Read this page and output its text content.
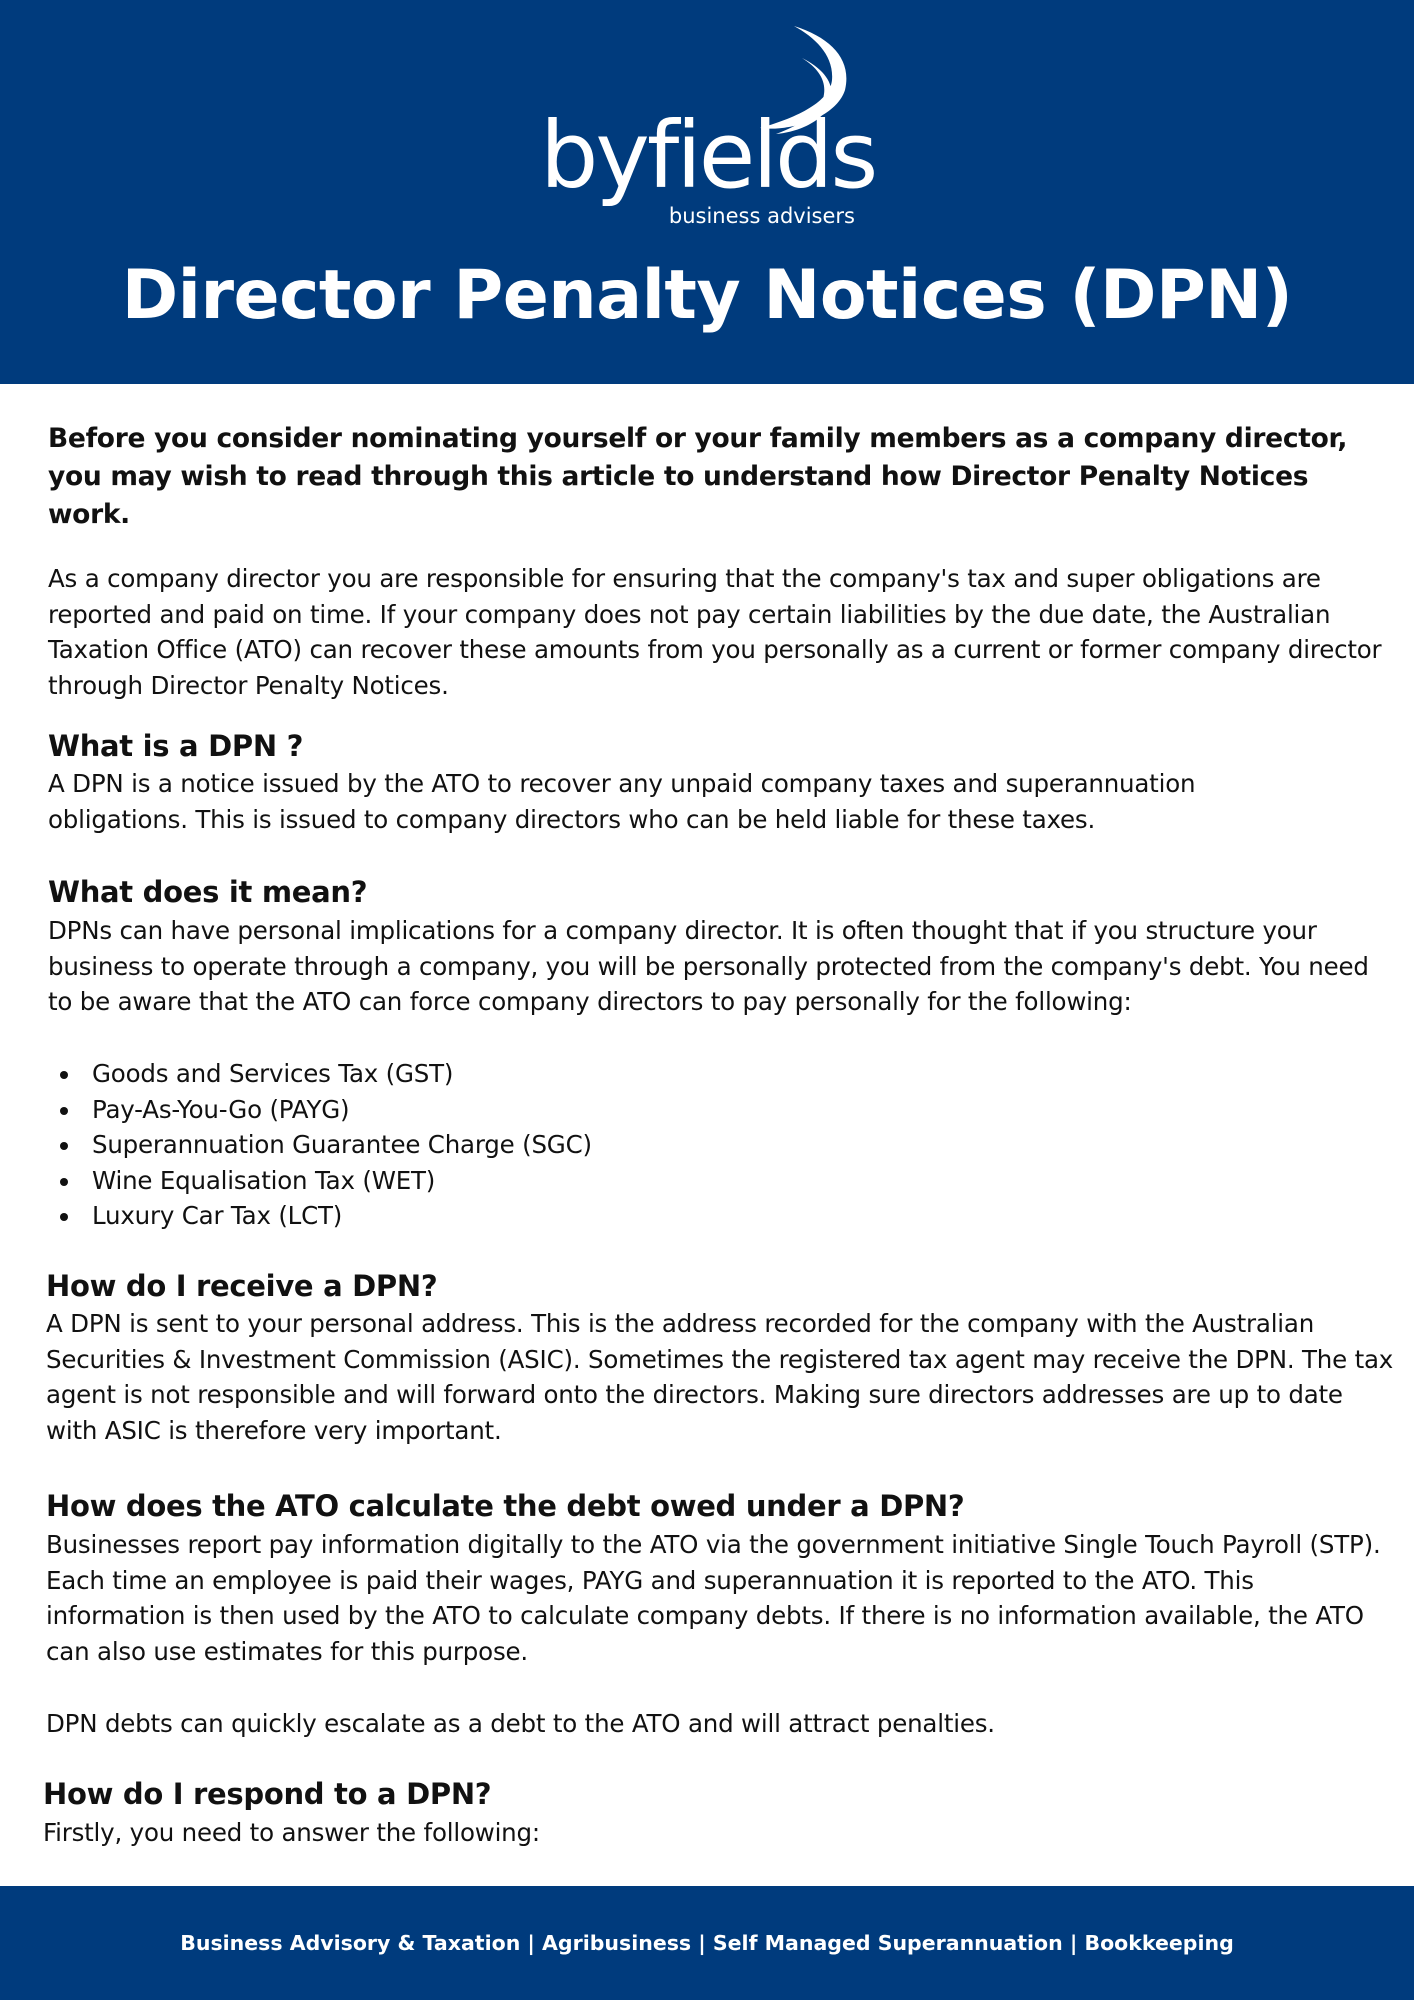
byfields
business advisers
Director Penalty Notices (DPN)

Before you consider nominating yourself or your family members as a company director, you may wish to read through this article to understand how Director Penalty Notices work.

As a company director you are responsible for ensuring that the company's tax and super obligations are reported and paid on time. If your company does not pay certain liabilities by the due date, the Australian Taxation Office (ATO) can recover these amounts from you personally as a current or former company director through Director Penalty Notices.

What is a DPN ?

A DPN is a notice issued by the ATO to recover any unpaid company taxes and superannuation obligations. This is issued to company directors who can be held liable for these taxes.

What does it mean?

DPNs can have personal implications for a company director. It is often thought that if you structure your business to operate through a company, you will be personally protected from the company's debt. You need to be aware that the ATO can force company directors to pay personally for the following:

Goods and Services Tax (GST)
Pay-As-You-Go (PAYG)
Superannuation Guarantee Charge (SGC)
Wine Equalisation Tax (WET)
Luxury Car Tax (LCT)
How do I receive a DPN?

A DPN is sent to your personal address. This is the address recorded for the company with the Australian Securities & Investment Commission (ASIC). Sometimes the registered tax agent may receive the DPN. The tax agent is not responsible and will forward onto the directors. Making sure directors addresses are up to date with ASIC is therefore very important.

How does the ATO calculate the debt owed under a DPN?

Businesses report pay information digitally to the ATO via the government initiative Single Touch Payroll (STP). Each time an employee is paid their wages, PAYG and superannuation it is reported to the ATO. This information is then used by the ATO to calculate company debts. If there is no information available, the ATO can also use estimates for this purpose.

DPN debts can quickly escalate as a debt to the ATO and will attract penalties.

How do I respond to a DPN?

Firstly, you need to answer the following:

Business Advisory & Taxation | Agribusiness | Self Managed Superannuation | Bookkeeping
